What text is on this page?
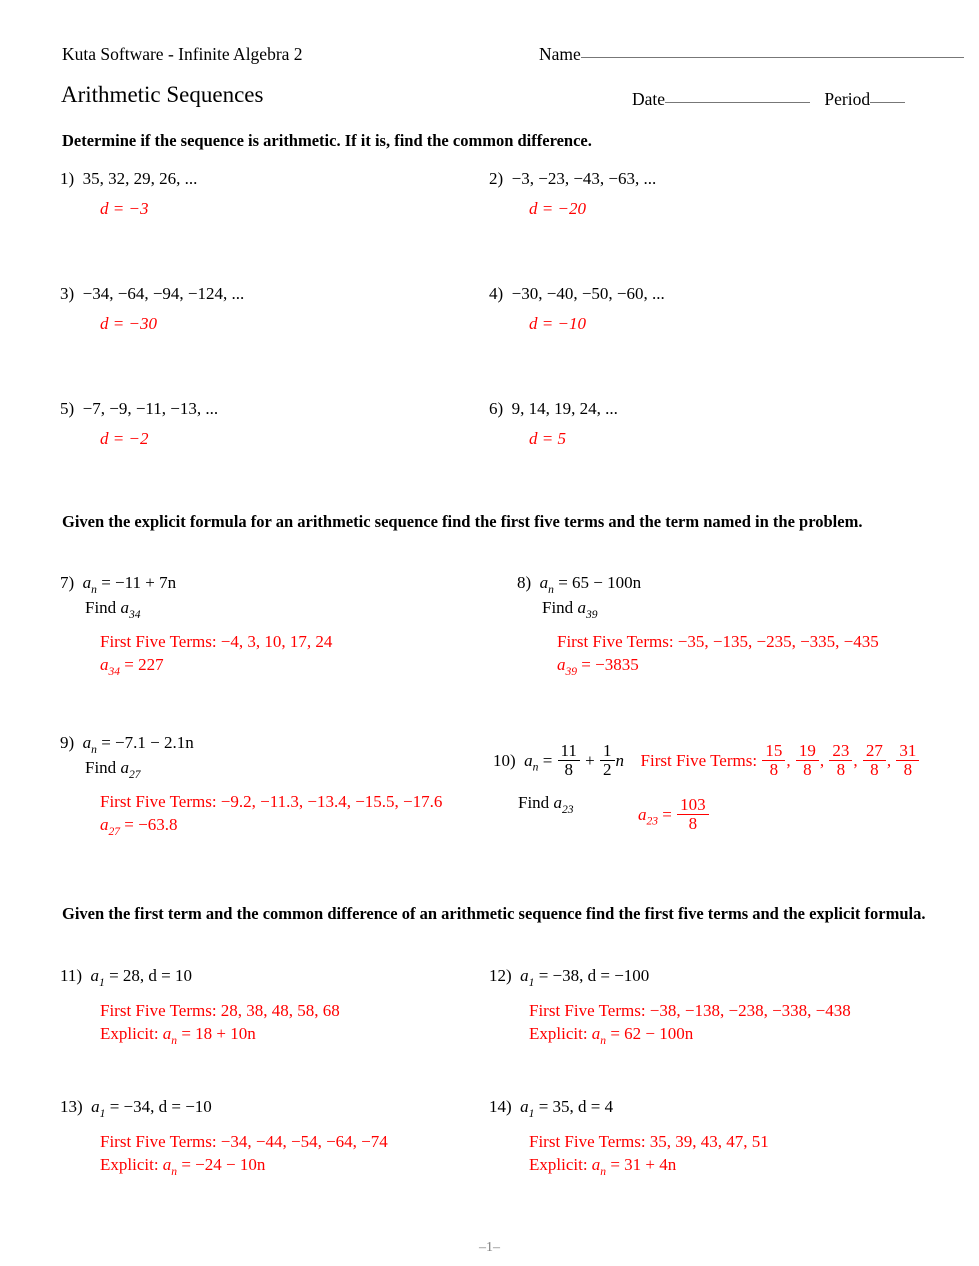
Kuta Software - Infinite Algebra 2
Arithmetic Sequences
Name
Date	Period
Determine if the sequence is arithmetic. If it is, find the common difference.
1) 35, 32, 29, 26, ...
d = −3
2) −3, −23, −43, −63, ...
d = −20
3) −34, −64, −94, −124, ...
d = −30
4) −30, −40, −50, −60, ...
d = −10
5) −7, −9, −11, −13, ...
d = −2
6) 9, 14, 19, 24, ...
d = 5
Given the explicit formula for an arithmetic sequence find the first five terms and the term named in the problem.
7) $a_n = -11 + 7n$
Find $a_{34}$
First Five Terms: −4, 3, 10, 17, 24
$a_{34} = 227$
8) $a_n = 65 - 100n$
Find $a_{39}$
First Five Terms: −35, −135, −235, −335, −435
$a_{39} = -3835$
9) $a_n = -7.1 - 2.1n$
Find $a_{27}$
First Five Terms: −9.2, −11.3, −13.4, −15.5, −17.6
$a_{27} = -63.8$
10) $a_n = \frac{11}{8} + \frac{1}{2}$ n First Five Terms: $\frac{15}{8}$ , $\frac{19}{8}$ , $\frac{23}{8}$ , $\frac{27}{8}$ , $\frac{31}{8}$
Find $a_{23}$	$a_{23} = \frac{103}{8}$
Given the first term and the common difference of an arithmetic sequence find the first five terms and the explicit formula.
11) $a_1 = 28$, d = 10
First Five Terms: 28, 38, 48, 58, 68
Explicit: $a_n = 18 + 10n$
12) $a_1 = -38$, d = −100
First Five Terms: −38, −138, −238, −338, −438
Explicit: $a_n = 62 - 100n$
13) $a_1 = -34$, d = −10
First Five Terms: −34, −44, −54, −64, −74
Explicit: $a_n = -24 - 10n$
14) $a_1 = 35$, d = 4
First Five Terms: 35, 39, 43, 47, 51
Explicit: $a_n = 31 + 4n$
–1–
